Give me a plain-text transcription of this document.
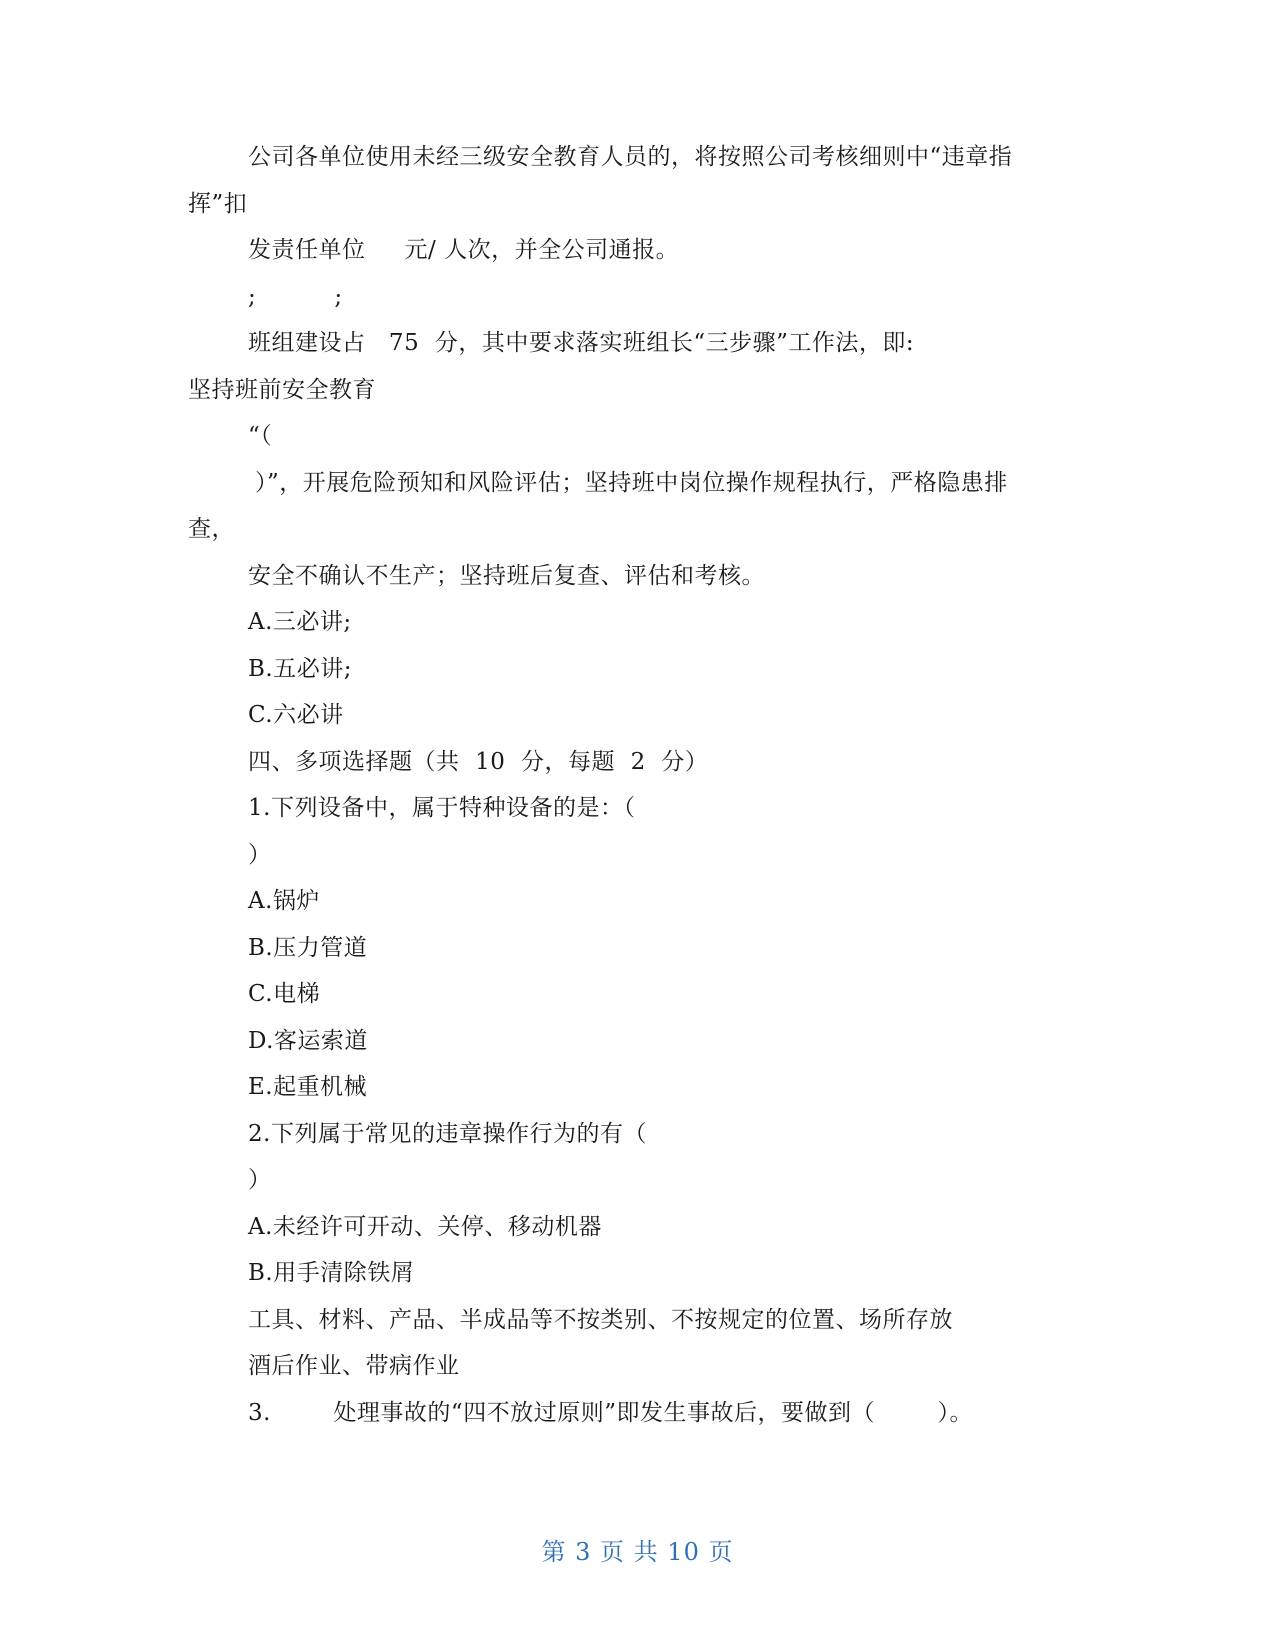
公司各单位使用未经三级安全教育人员的，将按照公司考核细则中“违章指
挥”扣
发责任单位     元/ 人次，并全公司通报。
;          ;
班组建设占   75  分，其中要求落实班组长“三步骤”工作法，即:
坚持班前安全教育
“（
）”，开展危险预知和风险评估；坚持班中岗位操作规程执行，严格隐患排
查，
安全不确认不生产；坚持班后复查、评估和考核。
A.三必讲;
B.五必讲;
C.六必讲
四、多项选择题（共  10  分，每题  2  分）
1.下列设备中，属于特种设备的是：（
）
A.锅炉
B.压力管道
C.电梯
D.客运索道
E.起重机械
2.下列属于常见的违章操作行为的有（
）
A.未经许可开动、关停、移动机器
B.用手清除铁屑
工具、材料、产品、半成品等不按类别、不按规定的位置、场所存放
酒后作业、带病作业
3.        处理事故的“四不放过原则”即发生事故后，要做到（        ）。
第 3 页 共 10 页
